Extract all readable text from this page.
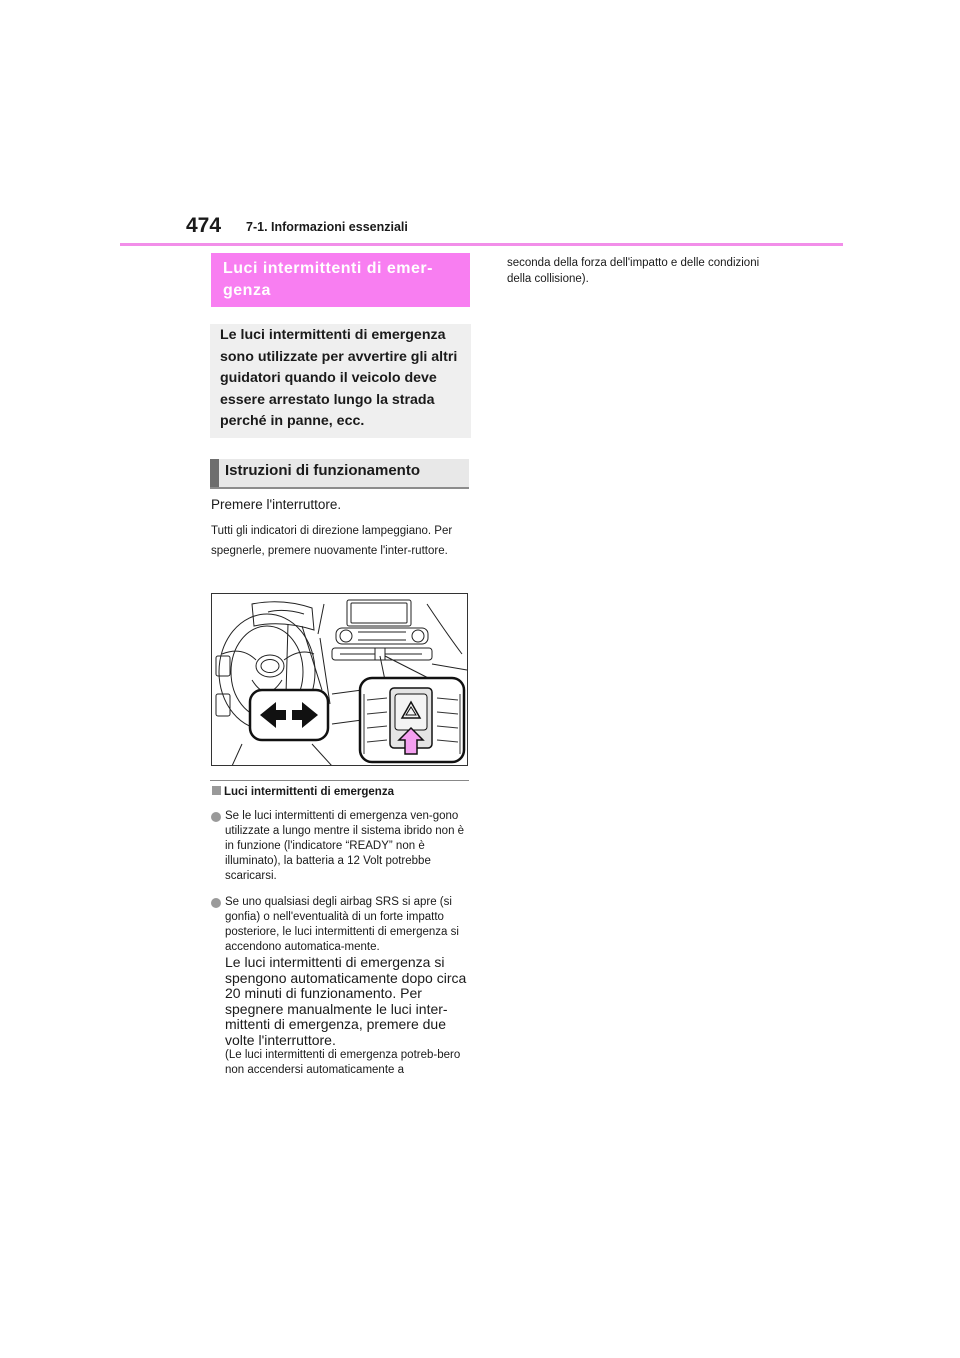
474 7-1. Informazioni essenziali
Luci intermittenti di emer-genza
Le luci intermittenti di emergenza sono utilizzate per avvertire gli altri guidatori quando il veicolo deve essere arrestato lungo la strada perché in panne, ecc.
Istruzioni di funzionamento
Premere l'interruttore.
Tutti gli indicatori di direzione lampeggiano. Per spegnerle, premere nuovamente l'inter-ruttore.
Luci intermittenti di emergenza
Se le luci intermittenti di emergenza ven-gono utilizzate a lungo mentre il sistema ibrido non è in funzione (l'indicatore “READY” non è illuminato), la batteria a 12 Volt potrebbe scaricarsi.
Se uno qualsiasi degli airbag SRS si apre (si gonfia) o nell'eventualità di un forte impatto posteriore, le luci intermittenti di emergenza si accendono automatica-mente.
Le luci intermittenti di emergenza si spengono automaticamente dopo circa 20 minuti di funzionamento. Per spegnere manualmente le luci inter-mittenti di emergenza, premere due volte l'interruttore.
(Le luci intermittenti di emergenza potreb-bero non accendersi automaticamente a
seconda della forza dell'impatto e delle condizioni della collisione).
